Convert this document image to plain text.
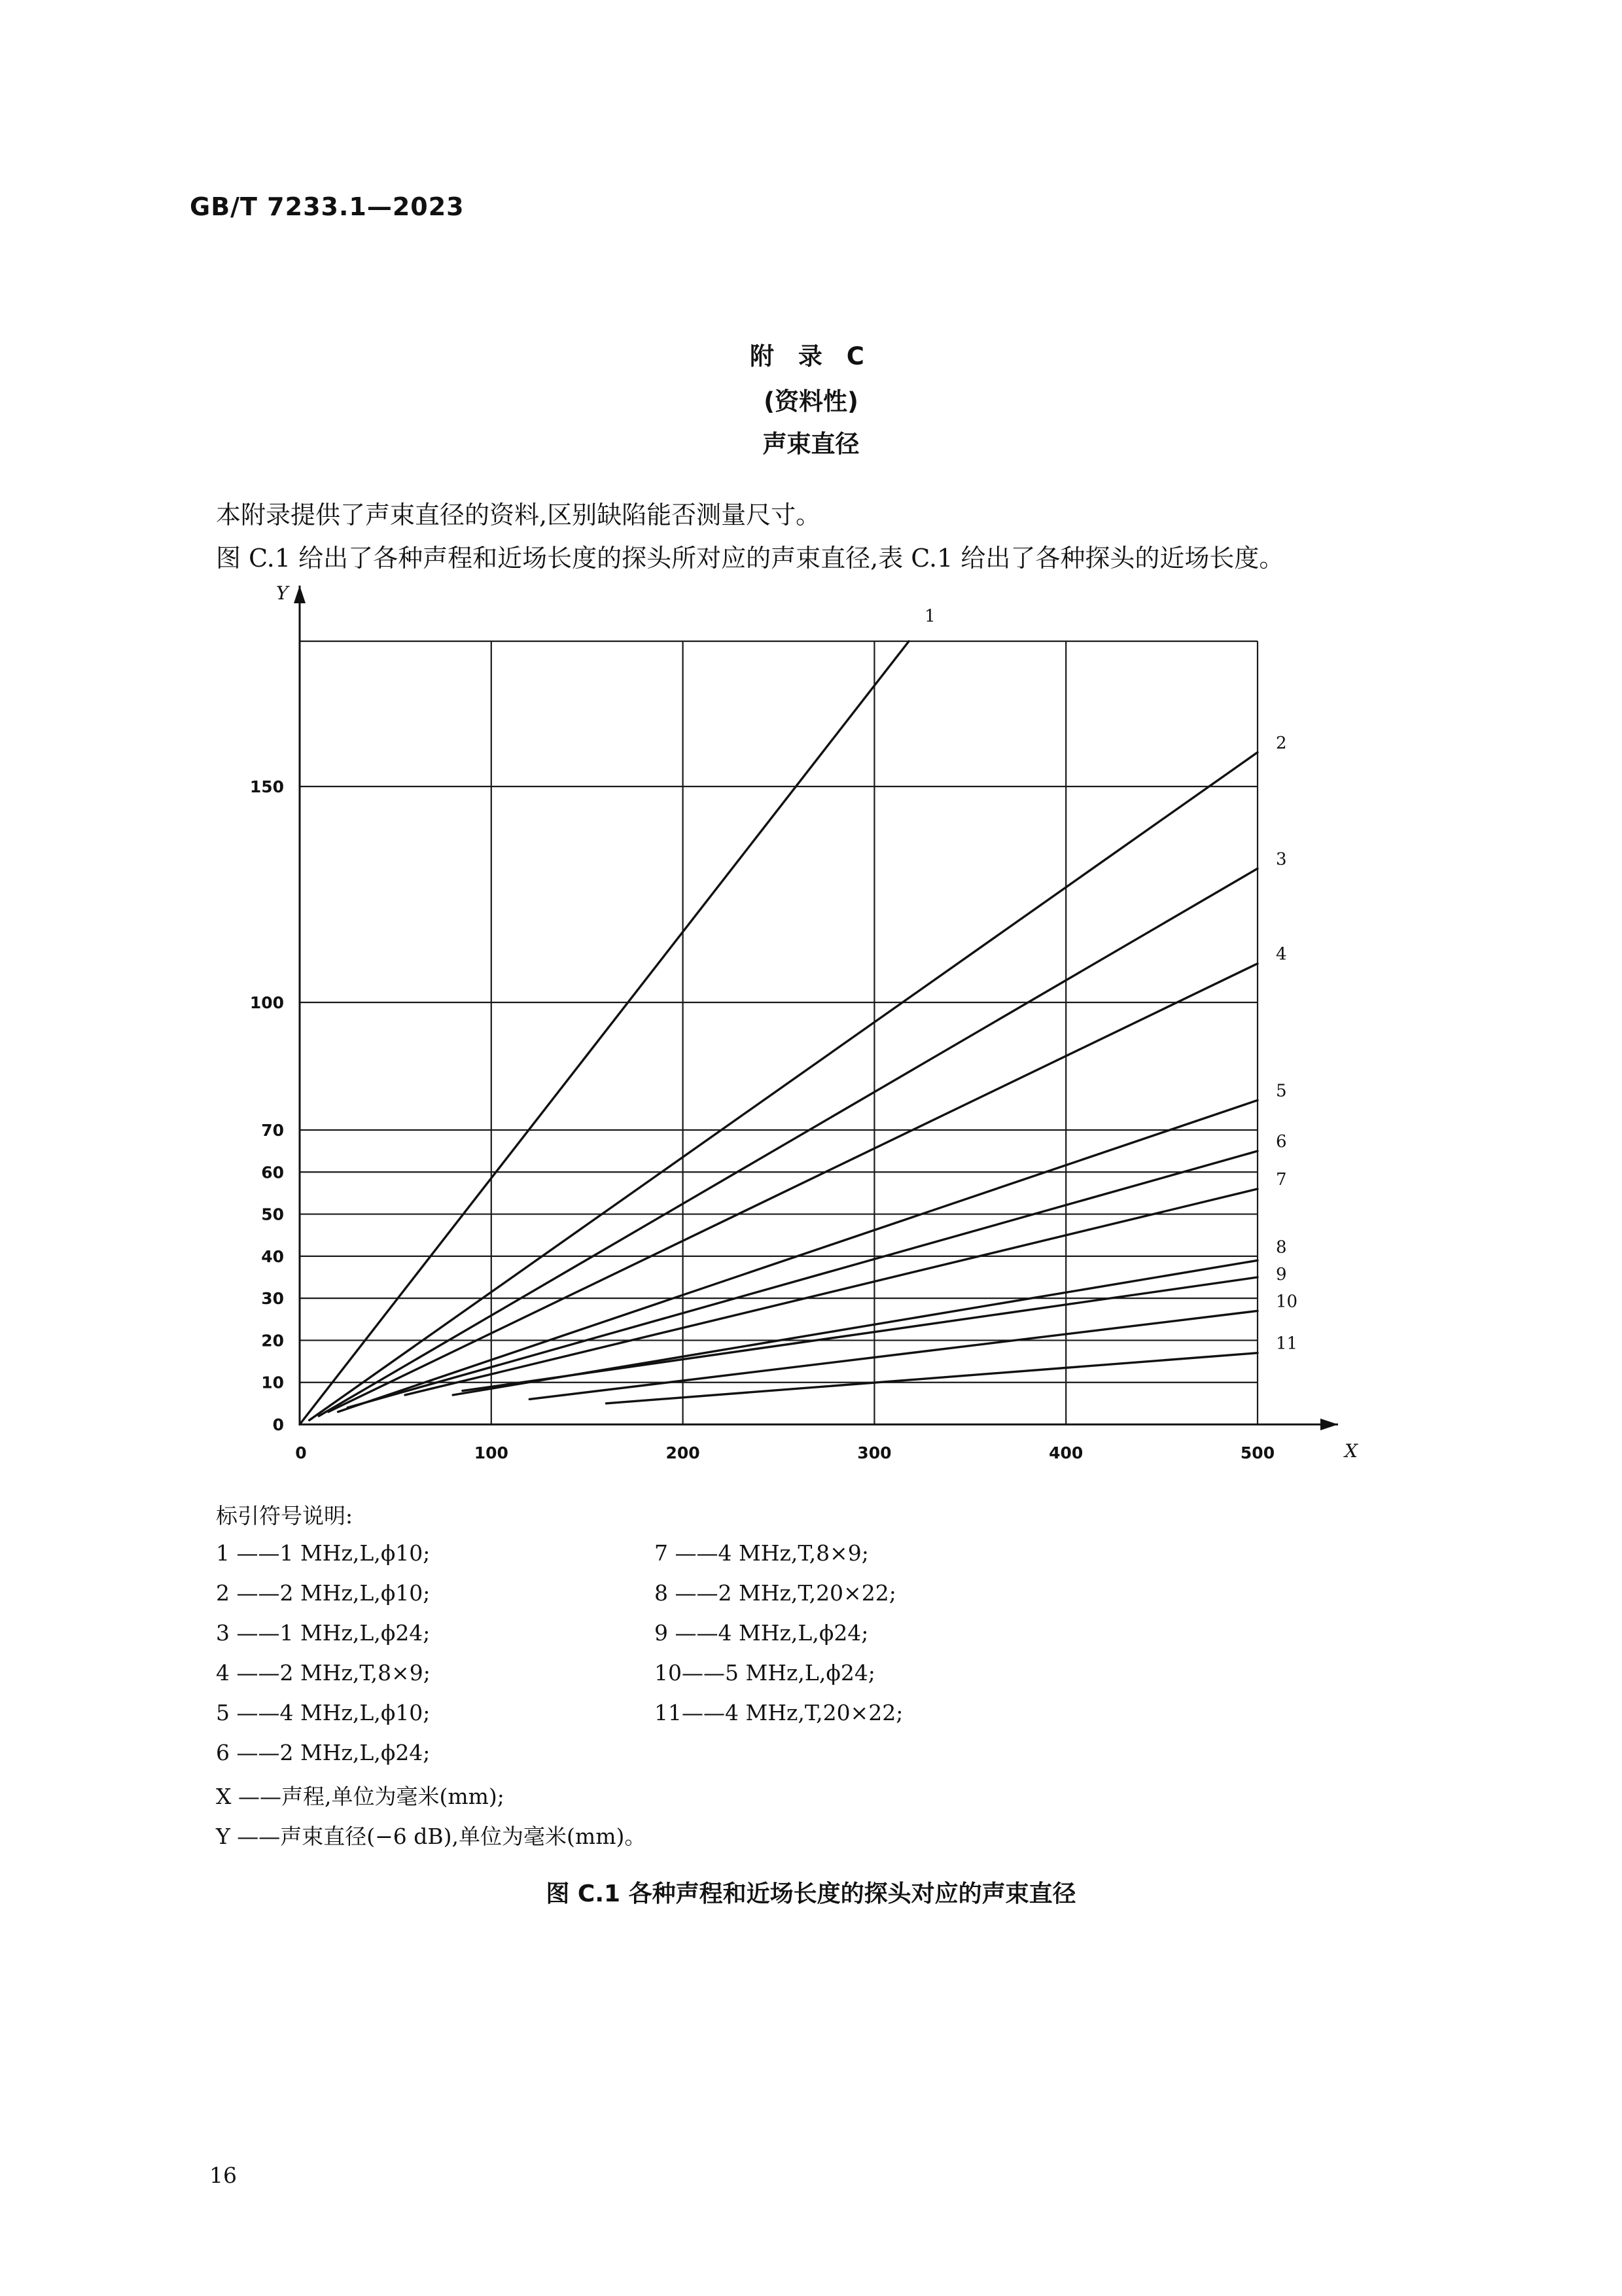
GB/T 7233.1—2023
附 录 C
(资料性)
声束直径
本附录提供了声束直径的资料,区别缺陷能否测量尺寸。
图 C.1 给出了各种声程和近场长度的探头所对应的声束直径,表 C.1 给出了各种探头的近场长度。
0
10
20
30
40
50
60
70
100
150
0	100	200	300	400	500	X
Y
1
2
3
4
5
6
7
8
9
10
11
标引符号说明:
1 ——1 MHz,L,ϕ10;
2 ——2 MHz,L,ϕ10;
3 ——1 MHz,L,ϕ24;
4 ——2 MHz,T,8×9;
5 ——4 MHz,L,ϕ10;
6 ——2 MHz,L,ϕ24;
X ——声程,单位为毫米(mm);
Y ——声束直径(−6 dB),单位为毫米(mm)。
7 ——4 MHz,T,8×9;
8 ——2 MHz,T,20×22;
9 ——4 MHz,L,ϕ24;
10——5 MHz,L,ϕ24;
11——4 MHz,T,20×22;
图 C.1 各种声程和近场长度的探头对应的声束直径
16
